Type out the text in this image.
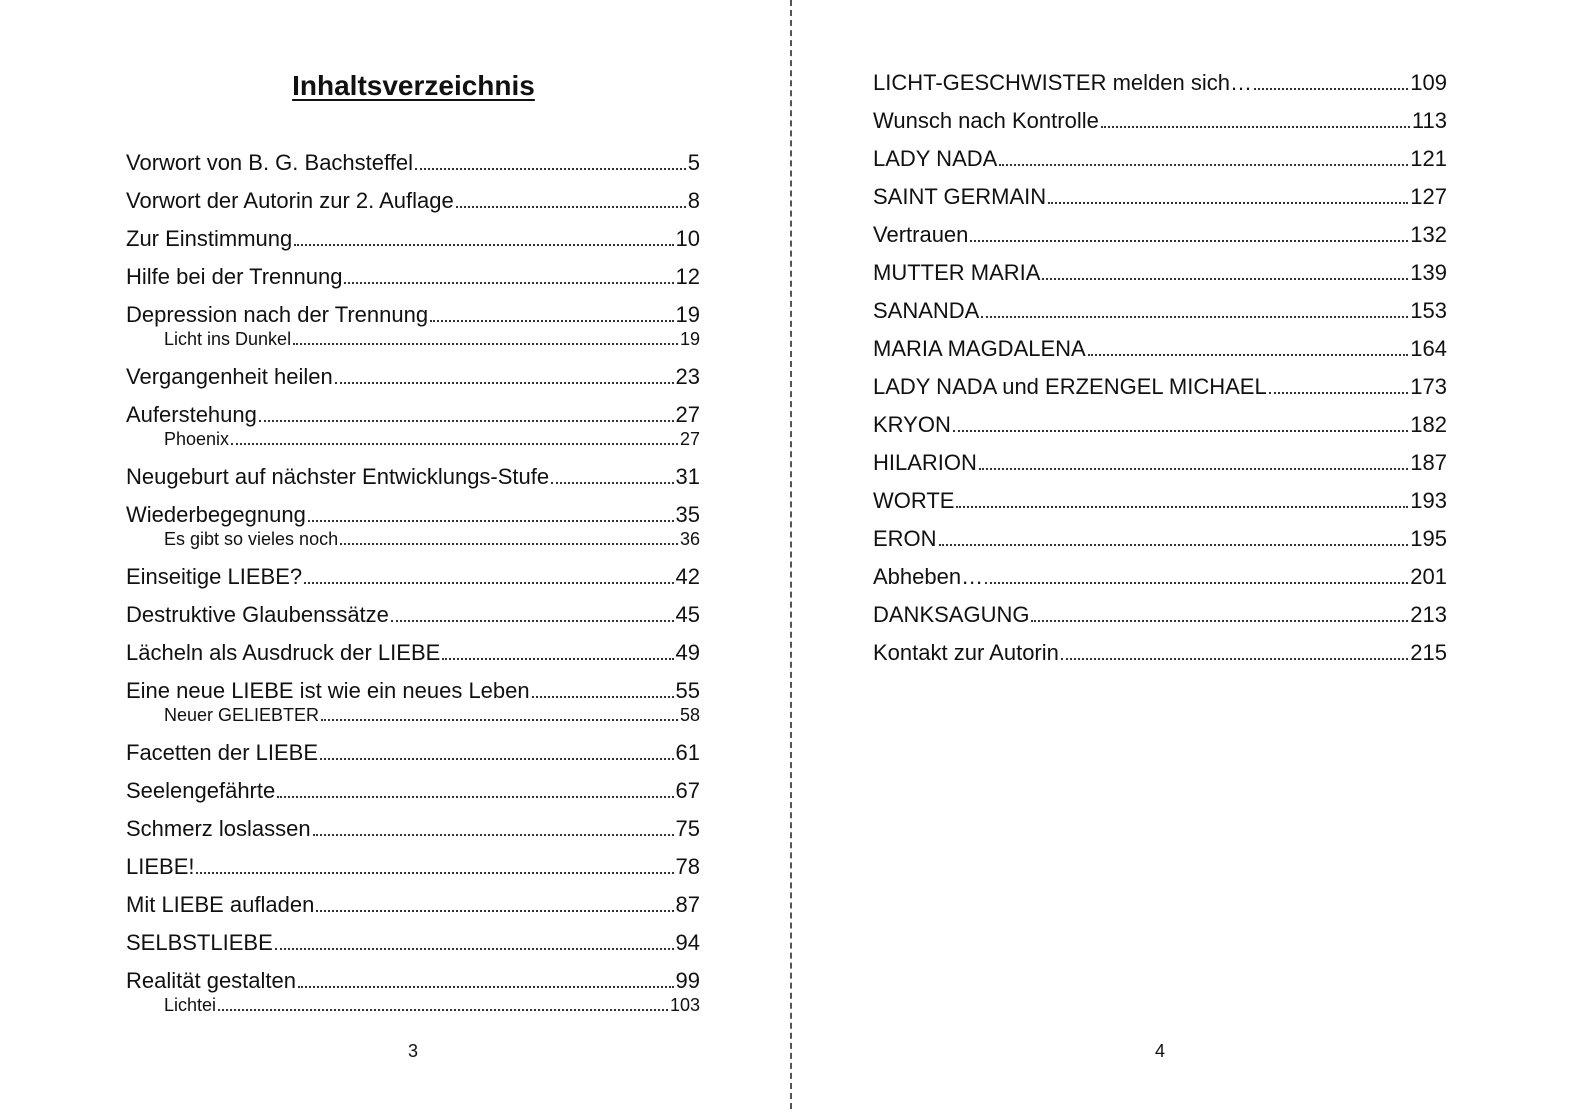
Inhaltsverzeichnis
Vorwort von B. G. Bachsteffel	5
Vorwort der Autorin zur 2. Auflage	8
Zur Einstimmung	10
Hilfe bei der Trennung	12
Depression nach der Trennung	19
Licht ins Dunkel	19
Vergangenheit heilen	23
Auferstehung	27
Phoenix	27
Neugeburt auf nächster Entwicklungs-Stufe	31
Wiederbegegnung	35
Es gibt so vieles noch	36
Einseitige LIEBE?	42
Destruktive Glaubenssätze	45
Lächeln als Ausdruck der LIEBE	49
Eine neue LIEBE ist wie ein neues Leben	55
Neuer GELIEBTER	58
Facetten der LIEBE	61
Seelengefährte	67
Schmerz loslassen	75
LIEBE!	78
Mit LIEBE aufladen	87
SELBSTLIEBE	94
Realität gestalten	99
Lichtei	103
3
LICHT-GESCHWISTER melden sich…	109
Wunsch nach Kontrolle	113
LADY NADA	121
SAINT GERMAIN	127
Vertrauen	132
MUTTER MARIA	139
SANANDA	153
MARIA MAGDALENA	164
LADY NADA und ERZENGEL MICHAEL	173
KRYON	182
HILARION	187
WORTE	193
ERON	195
Abheben…	201
DANKSAGUNG	213
Kontakt zur Autorin	215
4
